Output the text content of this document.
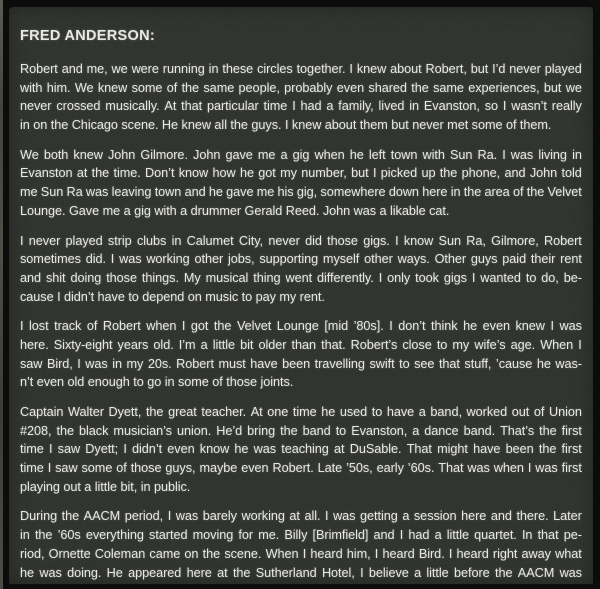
FRED ANDERSON:
Robert and me, we were running in these circles together. I knew about Robert, but I’d never played
with him. We knew some of the same people, probably even shared the same experiences, but we
never crossed musically. At that particular time I had a family, lived in Evanston, so I wasn’t really
in on the Chicago scene. He knew all the guys. I knew about them but never met some of them.
We both knew John Gilmore. John gave me a gig when he left town with Sun Ra. I was living in
Evanston at the time. Don’t know how he got my number, but I picked up the phone, and John told
me Sun Ra was leaving town and he gave me his gig, somewhere down here in the area of the Velvet
Lounge. Gave me a gig with a drummer Gerald Reed. John was a likable cat.
I never played strip clubs in Calumet City, never did those gigs. I know Sun Ra, Gilmore, Robert
sometimes did. I was working other jobs, supporting myself other ways. Other guys paid their rent
and shit doing those things. My musical thing went differently. I only took gigs I wanted to do, be-
cause I didn’t have to depend on music to pay my rent.
I lost track of Robert when I got the Velvet Lounge [mid ’80s]. I don’t think he even knew I was
here. Sixty-eight years old. I’m a little bit older than that. Robert’s close to my wife’s age. When I
saw Bird, I was in my 20s. Robert must have been travelling swift to see that stuff, ’cause he was-
n’t even old enough to go in some of those joints.
Captain Walter Dyett, the great teacher. At one time he used to have a band, worked out of Union
#208, the black musician’s union. He’d bring the band to Evanston, a dance band. That’s the first
time I saw Dyett; I didn’t even know he was teaching at DuSable. That might have been the first
time I saw some of those guys, maybe even Robert. Late ’50s, early ’60s. That was when I was first
playing out a little bit, in public.
During the AACM period, I was barely working at all. I was getting a session here and there. Later
in the ’60s everything started moving for me. Billy [Brimfield] and I had a little quartet. In that pe-
riod, Ornette Coleman came on the scene. When I heard him, I heard Bird. I heard right away what
he was doing. He appeared here at the Sutherland Hotel, I believe a little before the AACM was
